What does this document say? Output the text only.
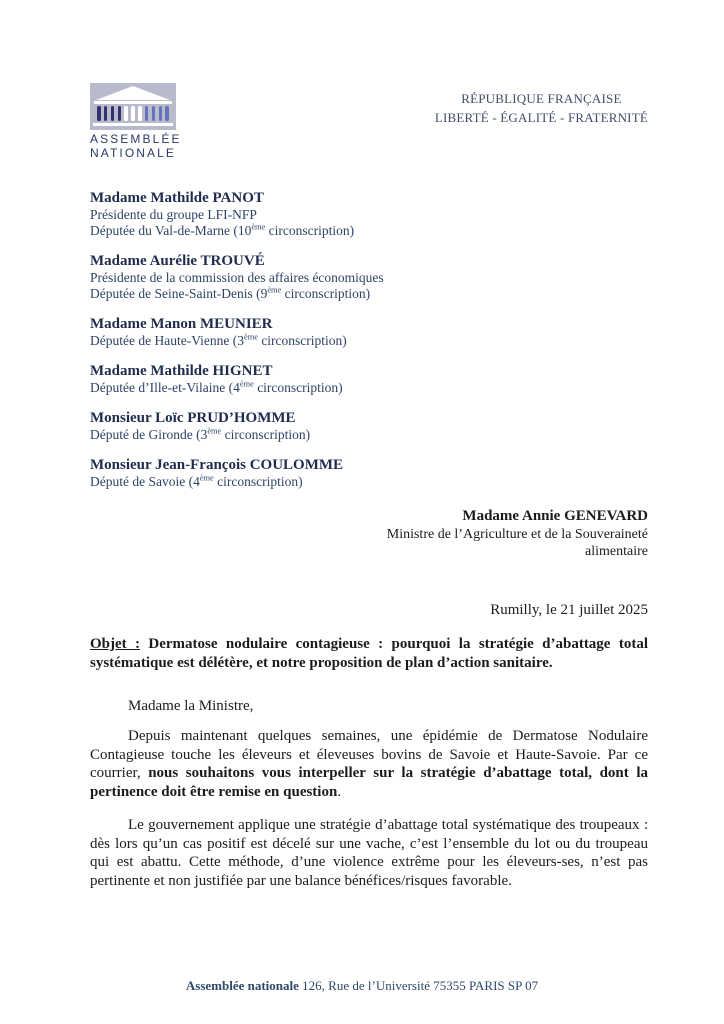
ASSEMBLÉE
NATIONALE
RÉPUBLIQUE FRANÇAISE
LIBERTÉ - ÉGALITÉ - FRATERNITÉ
Madame Mathilde PANOT
Présidente du groupe LFI-NFP
Députée du Val-de-Marne (10ème circonscription)
Madame Aurélie TROUVÉ
Présidente de la commission des affaires économiques
Députée de Seine-Saint-Denis (9ème circonscription)
Madame Manon MEUNIER
Députée de Haute-Vienne (3ème circonscription)
Madame Mathilde HIGNET
Députée d’Ille-et-Vilaine (4ème circonscription)
Monsieur Loïc PRUD’HOMME
Député de Gironde (3ème circonscription)
Monsieur Jean-François COULOMME
Député de Savoie (4ème circonscription)
Madame Annie GENEVARD
Ministre de l’Agriculture et de la Souveraineté
alimentaire
Rumilly, le 21 juillet 2025
Objet : Dermatose nodulaire contagieuse : pourquoi la stratégie d’abattage total systématique est délétère, et notre proposition de plan d’action sanitaire.
Madame la Ministre,

Depuis maintenant quelques semaines, une épidémie de Dermatose Nodulaire Contagieuse touche les éleveurs et éleveuses bovins de Savoie et Haute-Savoie. Par ce courrier, nous souhaitons vous interpeller sur la stratégie d’abattage total, dont la pertinence doit être remise en question.

Le gouvernement applique une stratégie d’abattage total systématique des troupeaux : dès lors qu’un cas positif est décelé sur une vache, c’est l’ensemble du lot ou du troupeau qui est abattu. Cette méthode, d’une violence extrême pour les éleveurs-ses, n’est pas pertinente et non justifiée par une balance bénéfices/risques favorable.

Assemblée nationale 126, Rue de l’Université 75355 PARIS SP 07
